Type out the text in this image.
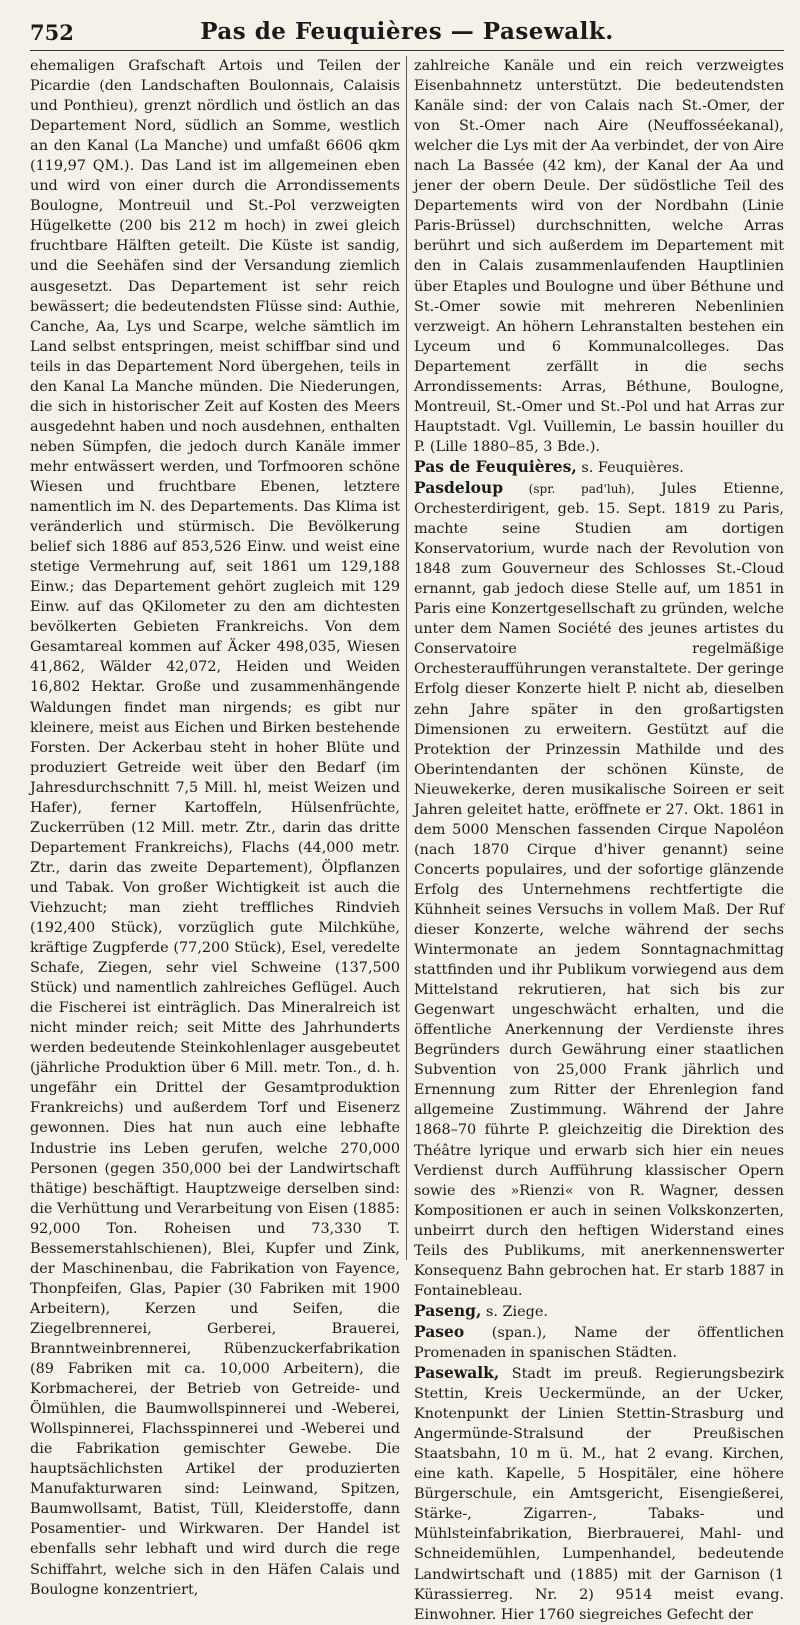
752	Pas de Feuquières — Pasewalk.

ehemaligen Grafschaft Artois und Teilen der Picardie (den Landschaften Boulonnais, Calaisis und Ponthieu), grenzt nördlich und östlich an das Departement Nord, südlich an Somme, westlich an den Kanal (La Manche) und umfaßt 6606 qkm (119,97 QM.). Das Land ist im allgemeinen eben und wird von einer durch die Arrondissements Boulogne, Montreuil und St.-Pol verzweigten Hügelkette (200 bis 212 m hoch) in zwei gleich fruchtbare Hälften geteilt. Die Küste ist sandig, und die Seehäfen sind der Versandung ziemlich ausgesetzt. Das Departement ist sehr reich bewässert; die bedeutendsten Flüsse sind: Authie, Canche, Aa, Lys und Scarpe, welche sämtlich im Land selbst entspringen, meist schiffbar sind und teils in das Departement Nord übergehen, teils in den Kanal La Manche münden. Die Niederungen, die sich in historischer Zeit auf Kosten des Meers ausgedehnt haben und noch ausdehnen, enthalten neben Sümpfen, die jedoch durch Kanäle immer mehr entwässert werden, und Torfmooren schöne Wiesen und fruchtbare Ebenen, letztere namentlich im N. des Departements. Das Klima ist veränderlich und stürmisch. Die Bevölkerung belief sich 1886 auf 853,526 Einw. und weist eine stetige Vermehrung auf, seit 1861 um 129,188 Einw.; das Departement gehört zugleich mit 129 Einw. auf das QKilometer zu den am dichtesten bevölkerten Gebieten Frankreichs. Von dem Gesamtareal kommen auf Äcker 498,035, Wiesen 41,862, Wälder 42,072, Heiden und Weiden 16,802 Hektar. Große und zusammenhängende Waldungen findet man nirgends; es gibt nur kleinere, meist aus Eichen und Birken bestehende Forsten. Der Ackerbau steht in hoher Blüte und produziert Getreide weit über den Bedarf (im Jahresdurchschnitt 7,5 Mill. hl, meist Weizen und Hafer), ferner Kartoffeln, Hülsenfrüchte, Zuckerrüben (12 Mill. metr. Ztr., darin das dritte Departement Frankreichs), Flachs (44,000 metr. Ztr., darin das zweite Departement), Ölpflanzen und Tabak. Von großer Wichtigkeit ist auch die Viehzucht; man zieht treffliches Rindvieh (192,400 Stück), vorzüglich gute Milchkühe, kräftige Zugpferde (77,200 Stück), Esel, veredelte Schafe, Ziegen, sehr viel Schweine (137,500 Stück) und namentlich zahlreiches Geflügel. Auch die Fischerei ist einträglich. Das Mineralreich ist nicht minder reich; seit Mitte des Jahrhunderts werden bedeutende Steinkohlenlager ausgebeutet (jährliche Produktion über 6 Mill. metr. Ton., d. h. ungefähr ein Drittel der Gesamtproduktion Frankreichs) und außerdem Torf und Eisenerz gewonnen. Dies hat nun auch eine lebhafte Industrie ins Leben gerufen, welche 270,000 Personen (gegen 350,000 bei der Landwirtschaft thätige) beschäftigt. Hauptzweige derselben sind: die Verhüttung und Verarbeitung von Eisen (1885: 92,000 Ton. Roheisen und 73,330 T. Bessemerstahlschienen), Blei, Kupfer und Zink, der Maschinenbau, die Fabrikation von Fayence, Thonpfeifen, Glas, Papier (30 Fabriken mit 1900 Arbeitern), Kerzen und Seifen, die Ziegelbrennerei, Gerberei, Brauerei, Branntweinbrennerei, Rübenzuckerfabrikation (89 Fabriken mit ca. 10,000 Arbeitern), die Korbmacherei, der Betrieb von Getreide- und Ölmühlen, die Baumwollspinnerei und -Weberei, Wollspinnerei, Flachsspinnerei und -Weberei und die Fabrikation gemischter Gewebe. Die hauptsächlichsten Artikel der produzierten Manufakturwaren sind: Leinwand, Spitzen, Baumwollsamt, Batist, Tüll, Kleiderstoffe, dann Posamentier- und Wirkwaren. Der Handel ist ebenfalls sehr lebhaft und wird durch die rege Schiffahrt, welche sich in den Häfen Calais und Boulogne konzentriert,

zahlreiche Kanäle und ein reich verzweigtes Eisenbahnnetz unterstützt. Die bedeutendsten Kanäle sind: der von Calais nach St.-Omer, der von St.-Omer nach Aire (Neuffosséekanal), welcher die Lys mit der Aa verbindet, der von Aire nach La Bassée (42 km), der Kanal der Aa und jener der obern Deule. Der südöstliche Teil des Departements wird von der Nordbahn (Linie Paris-Brüssel) durchschnitten, welche Arras berührt und sich außerdem im Departement mit den in Calais zusammenlaufenden Hauptlinien über Etaples und Boulogne und über Béthune und St.-Omer sowie mit mehreren Nebenlinien verzweigt. An höhern Lehranstalten bestehen ein Lyceum und 6 Kommunalcolleges. Das Departement zerfällt in die sechs Arrondissements: Arras, Béthune, Boulogne, Montreuil, St.-Omer und St.-Pol und hat Arras zur Hauptstadt. Vgl. Vuillemin, Le bassin houiller du P. (Lille 1880–85, 3 Bde.).

Pas de Feuquières, s. Feuquières.

Pasdeloup (spr. pad'luh), Jules Etienne, Orchesterdirigent, geb. 15. Sept. 1819 zu Paris, machte seine Studien am dortigen Konservatorium, wurde nach der Revolution von 1848 zum Gouverneur des Schlosses St.-Cloud ernannt, gab jedoch diese Stelle auf, um 1851 in Paris eine Konzertgesellschaft zu gründen, welche unter dem Namen Société des jeunes artistes du Conservatoire regelmäßige Orchesteraufführungen veranstaltete. Der geringe Erfolg dieser Konzerte hielt P. nicht ab, dieselben zehn Jahre später in den großartigsten Dimensionen zu erweitern. Gestützt auf die Protektion der Prinzessin Mathilde und des Oberintendanten der schönen Künste, de Nieuwekerke, deren musikalische Soireen er seit Jahren geleitet hatte, eröffnete er 27. Okt. 1861 in dem 5000 Menschen fassenden Cirque Napoléon (nach 1870 Cirque d'hiver genannt) seine Concerts populaires, und der sofortige glänzende Erfolg des Unternehmens rechtfertigte die Kühnheit seines Versuchs in vollem Maß. Der Ruf dieser Konzerte, welche während der sechs Wintermonate an jedem Sonntagnachmittag stattfinden und ihr Publikum vorwiegend aus dem Mittelstand rekrutieren, hat sich bis zur Gegenwart ungeschwächt erhalten, und die öffentliche Anerkennung der Verdienste ihres Begründers durch Gewährung einer staatlichen Subvention von 25,000 Frank jährlich und Ernennung zum Ritter der Ehrenlegion fand allgemeine Zustimmung. Während der Jahre 1868–70 führte P. gleichzeitig die Direktion des Théâtre lyrique und erwarb sich hier ein neues Verdienst durch Aufführung klassischer Opern sowie des »Rienzi« von R. Wagner, dessen Kompositionen er auch in seinen Volkskonzerten, unbeirrt durch den heftigen Widerstand eines Teils des Publikums, mit anerkennenswerter Konsequenz Bahn gebrochen hat. Er starb 1887 in Fontainebleau.

Paseng, s. Ziege.

Paseo (span.), Name der öffentlichen Promenaden in spanischen Städten.

Pasewalk, Stadt im preuß. Regierungsbezirk Stettin, Kreis Ueckermünde, an der Ucker, Knotenpunkt der Linien Stettin-Strasburg und Angermünde-Stralsund der Preußischen Staatsbahn, 10 m ü. M., hat 2 evang. Kirchen, eine kath. Kapelle, 5 Hospitäler, eine höhere Bürgerschule, ein Amtsgericht, Eisengießerei, Stärke-, Zigarren-, Tabaks- und Mühlsteinfabrikation, Bierbrauerei, Mahl- und Schneidemühlen, Lumpenhandel, bedeutende Landwirtschaft und (1885) mit der Garnison (1 Kürassierreg. Nr. 2) 9514 meist evang. Einwohner. Hier 1760 siegreiches Gefecht der
